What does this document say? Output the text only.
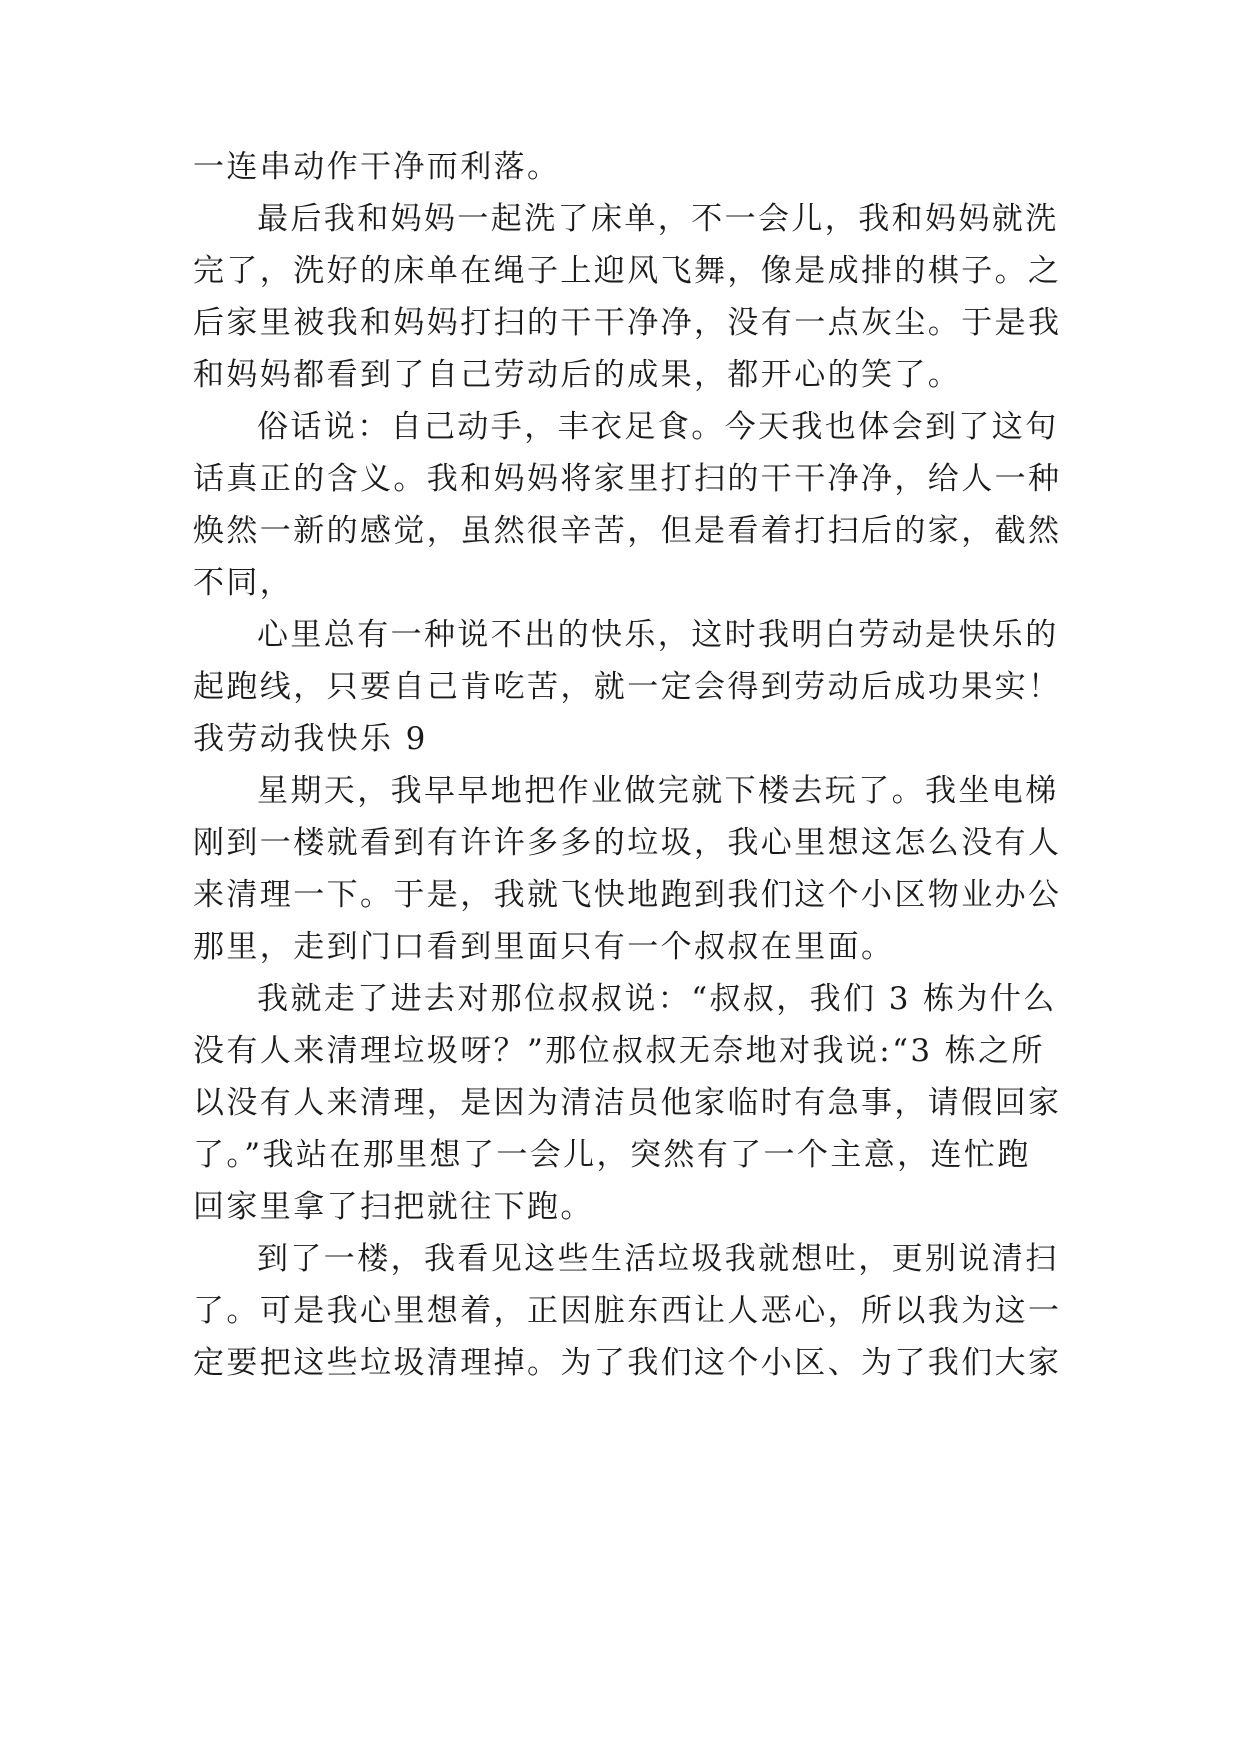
一连串动作干净而利落。
最后我和妈妈一起洗了床单，不一会儿，我和妈妈就洗
完了，洗好的床单在绳子上迎风飞舞，像是成排的棋子。之
后家里被我和妈妈打扫的干干净净，没有一点灰尘。于是我
和妈妈都看到了自己劳动后的成果，都开心的笑了。
俗话说：自己动手，丰衣足食。今天我也体会到了这句
话真正的含义。我和妈妈将家里打扫的干干净净，给人一种
焕然一新的感觉，虽然很辛苦，但是看着打扫后的家，截然
不同，
心里总有一种说不出的快乐，这时我明白劳动是快乐的
起跑线，只要自己肯吃苦，就一定会得到劳动后成功果实！
我劳动我快乐 9
星期天，我早早地把作业做完就下楼去玩了。我坐电梯
刚到一楼就看到有许许多多的垃圾，我心里想这怎么没有人
来清理一下。于是，我就飞快地跑到我们这个小区物业办公
那里，走到门口看到里面只有一个叔叔在里面。
我就走了进去对那位叔叔说：“叔叔，我们 3 栋为什么
没有人来清理垃圾呀？”那位叔叔无奈地对我说:“3 栋之所
以没有人来清理，是因为清洁员他家临时有急事，请假回家
了。”我站在那里想了一会儿，突然有了一个主意，连忙跑
回家里拿了扫把就往下跑。
到了一楼，我看见这些生活垃圾我就想吐，更别说清扫
了。可是我心里想着，正因脏东西让人恶心，所以我为这一
定要把这些垃圾清理掉。为了我们这个小区、为了我们大家
